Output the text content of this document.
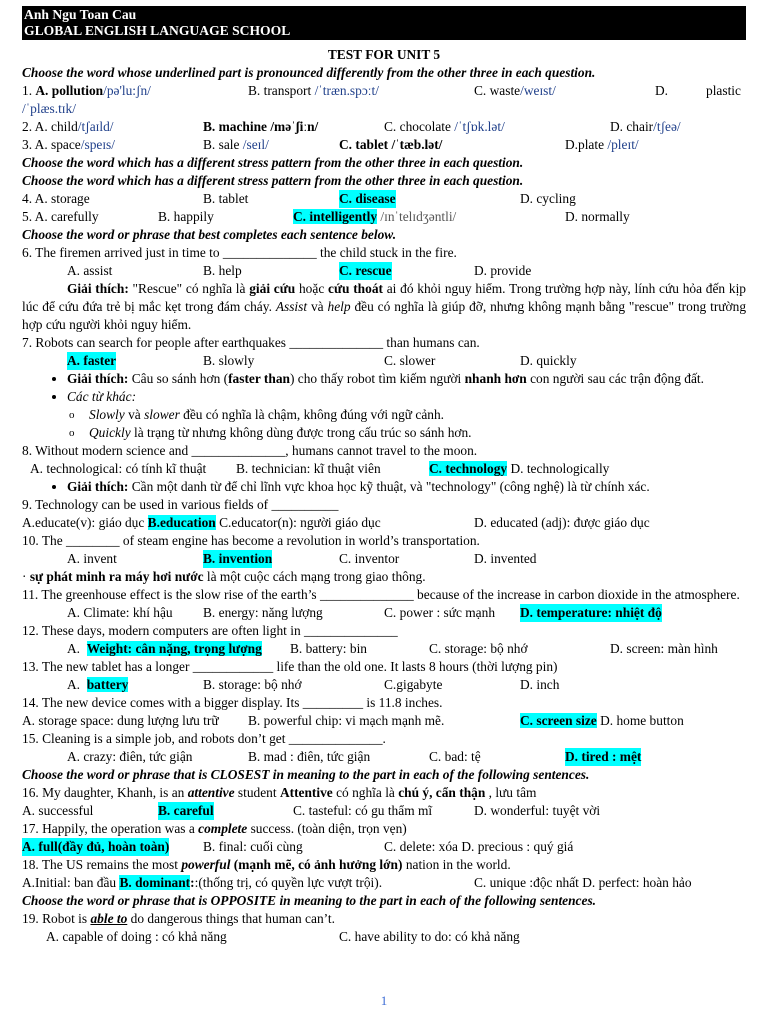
Anh Ngu Toan Cau
GLOBAL ENGLISH LANGUAGE SCHOOL
TEST FOR UNIT 5
Choose the word whose underlined part is pronounced differently from the other three in each question.
1. A. pollution/pə'lu:ʃn/	B. transport /ˈtræn.spɔːt/	C. waste/weɪst/	D.	plastic
/ˈplæs.tɪk/
2. A. child/tʃaɪld/	B. machine /məˈʃiːn/	C. chocolate /ˈtʃɒk.lət/	D. chair/tʃeə/
3. A. space/speɪs/	B. sale /seɪl/	C. tablet /ˈtæb.lət/	D.plate /pleɪt/
Choose the word which has a different stress pattern from the other three in each question.
Choose the word which has a different stress pattern from the other three in each question.
4. A. storage	B. tablet	C. disease	D. cycling
5. A. carefully	B. happily	C. intelligently /ɪnˈtelɪdʒəntli/	D. normally
Choose the word or phrase that best completes each sentence below.
6. The firemen arrived just in time to ______________ the child stuck in the fire.
A. assist	B. help	C. rescue	D. provide
Giải thích: "Rescue" có nghĩa là giải cứu hoặc cứu thoát ai đó khỏi nguy hiểm. Trong trường hợp này, lính cứu hỏa đến kịp lúc để cứu đứa trẻ bị mắc kẹt trong đám cháy. Assist và help đều có nghĩa là giúp đỡ, nhưng không mạnh bằng "rescue" trong trường hợp cứu người khỏi nguy hiểm.
7. Robots can search for people after earthquakes ______________ than humans can.
A. faster	B. slowly	C. slower	D. quickly
• Giải thích: Câu so sánh hơn (faster than) cho thấy robot tìm kiếm người nhanh hơn con người sau các trận động đất.
• Các từ khác:
o Slowly và slower đều có nghĩa là chậm, không đúng với ngữ cảnh.
o Quickly là trạng từ nhưng không dùng được trong cấu trúc so sánh hơn.
8. Without modern science and ______________, humans cannot travel to the moon.
A. technological: có tính kĩ thuật B. technician: kĩ thuật viên	C. technology D. technologically
• Giải thích: Cần một danh từ để chỉ lĩnh vực khoa học kỹ thuật, và "technology" (công nghệ) là từ chính xác.
9. Technology can be used in various fields of __________
A.educate(v): giáo dục B.education C.educator(n): người giáo dục	D. educated (adj): được giáo dục
10. The ________ of steam engine has become a revolution in world’s transportation.
A. invent	B. invention	C. inventor	D. invented
· sự phát minh ra máy hơi nước là một cuộc cách mạng trong giao thông.
11. The greenhouse effect is the slow rise of the earth’s ______________ because of the increase in carbon dioxide in the atmosphere.
A. Climate: khí hậu B. energy: năng lượng	C. power : sức mạnh D. temperature: nhiệt độ
12. These days, modern computers are often light in ______________
A. Weight: cân nặng, trọng lượng B. battery: bin	C. storage: bộ nhớ	D. screen: màn hình
13. The new tablet has a longer ____________ life than the old one. It lasts 8 hours (thời lượng pin)
A. battery	B. storage: bộ nhớ	C.gigabyte	D. inch
14. The new device comes with a bigger display. Its _________ is 11.8 inches.
A. storage space: dung lượng lưu trữ B. powerful chip: vi mạch mạnh mẽ.	C. screen size D. home button
15. Cleaning is a simple job, and robots don’t get ______________.
A. crazy: điên, tức giận	B. mad : điên, tức giận	C. bad: tệ	D. tired : mệt
Choose the word or phrase that is CLOSEST in meaning to the part in each of the following sentences.
16. My daughter, Khanh, is an attentive student Attentive có nghĩa là chú ý, cẩn thận , lưu tâm
A. successful	B. careful	C. tasteful: có gu thẩm mĩ	D. wonderful: tuyệt vời
17. Happily, the operation was a complete success. (toàn diện, trọn vẹn)
A. full(đầy đủ, hoàn toàn)	B. final: cuối cùng	C. delete: xóa D. precious : quý giá
18. The US remains the most powerful (mạnh mẽ, có ảnh hưởng lớn) nation in the world.
A.Initial: ban đầu B. dominant: :(thống trị, có quyền lực vượt trội).	C. unique :độc nhất D. perfect: hoàn hảo
Choose the word or phrase that is OPPOSITE in meaning to the part in each of the following sentences.
19. Robot is able to do dangerous things that human can’t.
A. capable of doing : có khả năng	C. have ability to do: có khả năng
1
